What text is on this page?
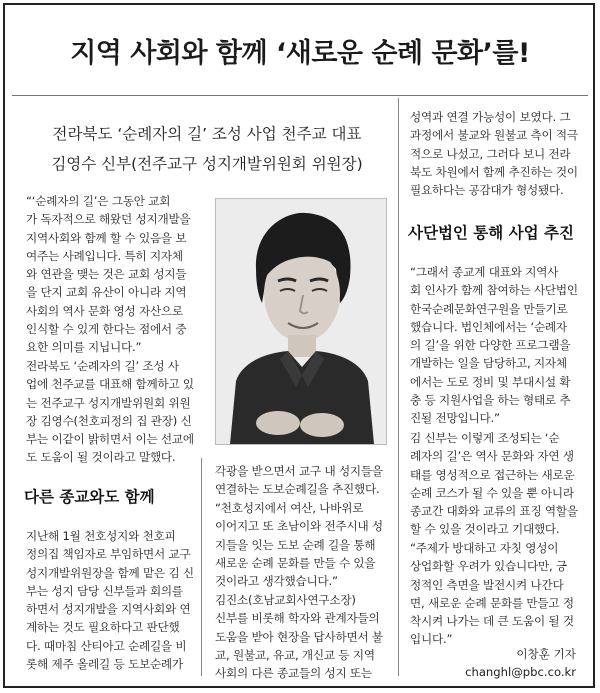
지역 사회와 함께 ‘새로운 순례 문화’를!
전라북도 ‘순례자의 길’ 조성 사업 천주교 대표
김영수 신부(전주교구 성지개발위원회 위원장)

“‘순례자의 길’은 그동안 교회
가 독자적으로 해왔던 성지개발을
지역사회와 함께 할 수 있음을 보
여주는 사례입니다. 특히 지자체
와 연관을 맺는 것은 교회 성지들
을 단지 교회 유산이 아니라 지역
사회의 역사 문화 영성 자산으로
인식할 수 있게 한다는 점에서 중
요한 의미를 지닙니다.”

전라북도 ‘순례자의 길’ 조성 사
업에 천주교를 대표해 함께하고 있
는 전주교구 성지개발위원회 위원
장 김영수(천호피정의 집 관장) 신
부는 이같이 밝히면서 이는 선교에
도 도움이 될 것이라고 말했다.

다른 종교와도 함께

지난해 1월 천호성지와 천호피
정의집 책임자로 부임하면서 교구
성지개발위원장을 함께 맡은 김 신
부는 성지 담당 신부들과 회의를
하면서 성지개발을 지역사회와 연
계하는 것도 필요하다고 판단했
다. 때마침 산티아고 순례길을 비
롯해 제주 올레길 등 도보순례가

각광을 받으면서 교구 내 성지들을
연결하는 도보순례길을 추진했다.

“천호성지에서 여산, 나바위로
이어지고 또 초남이와 전주시내 성
지들을 잇는 도보 순례 길을 통해
새로운 순례 문화를 만들 수 있을
것이라고 생각했습니다.”

김진소(호남교회사연구소장)
신부를 비롯해 학자와 관계자들의
도움을 받아 현장을 답사하면서 불
교, 원불교, 유교, 개신교 등 지역
사회의 다른 종교들의 성지 또는

성역과 연결 가능성이 보였다. 그
과정에서 불교와 원불교 측이 적극
적으로 나섰고, 그러다 보니 전라
북도 차원에서 함께 추진하는 것이
필요하다는 공감대가 형성됐다.

사단법인 통해 사업 추진

“그래서 종교계 대표와 지역사
회 인사가 함께 참여하는 사단법인
한국순례문화연구원을 만들기로
했습니다. 법인체에서는 ‘순례자
의 길’을 위한 다양한 프로그램을
개발하는 일을 담당하고, 지자체
에서는 도로 정비 및 부대시설 확
충 등 지원사업을 하는 형태로 추
진될 전망입니다.”

김 신부는 이렇게 조성되는 ‘순
례자의 길’은 역사 문화와 자연 생
태를 영성적으로 접근하는 새로운
순례 코스가 될 수 있을 뿐 아니라
종교간 대화와 교류의 표징 역할을
할 수 있을 것이라고 기대했다.

“주제가 방대하고 자칫 영성이
상업화할 우려가 있습니다만, 긍
정적인 측면을 발전시켜 나간다
면, 새로운 순례 문화를 만들고 정
착시켜 나가는 데 큰 도움이 될 것
입니다.”

이창훈 기자
changhl@pbc.co.kr
